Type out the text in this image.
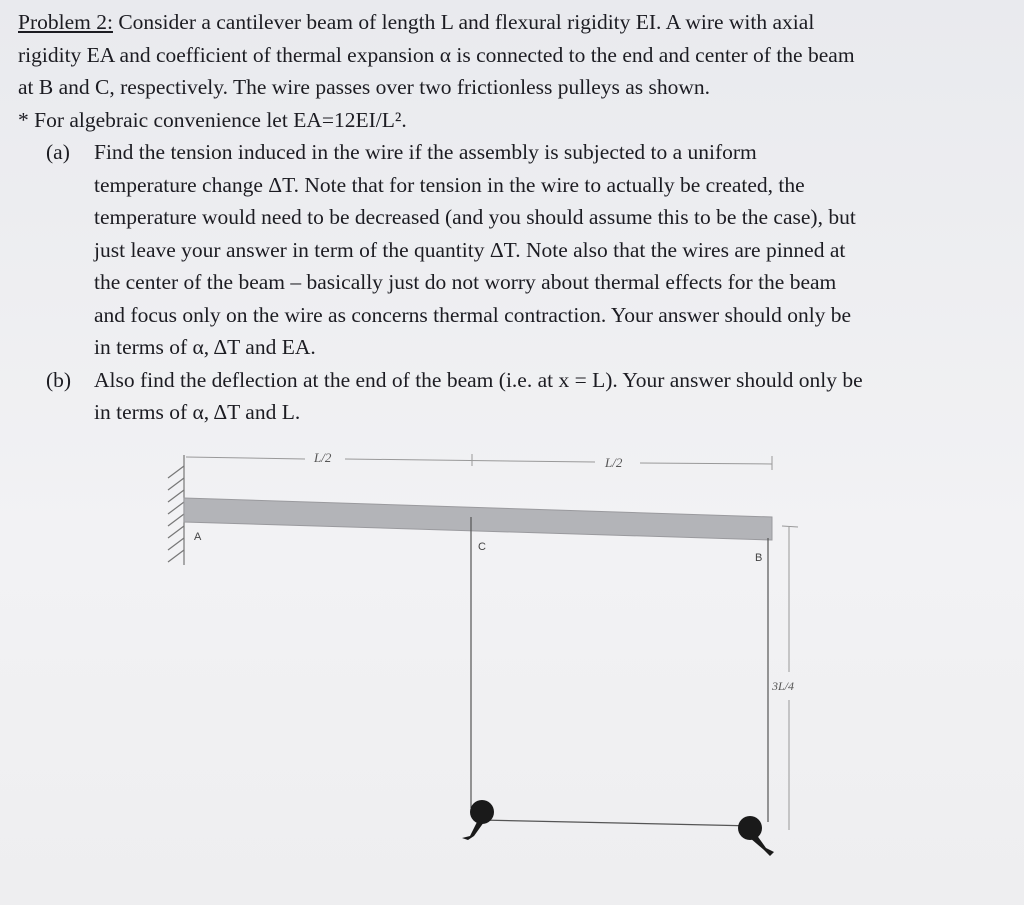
Problem 2: Consider a cantilever beam of length L and flexural rigidity EI. A wire with axial
rigidity EA and coefficient of thermal expansion α is connected to the end and center of the beam
at B and C, respectively. The wire passes over two frictionless pulleys as shown.
* For algebraic convenience let EA=12EI/L².
(a)	Find the tension induced in the wire if the assembly is subjected to a uniform
temperature change ΔT. Note that for tension in the wire to actually be created, the
temperature would need to be decreased (and you should assume this to be the case), but
just leave your answer in term of the quantity ΔT. Note also that the wires are pinned at
the center of the beam – basically just do not worry about thermal effects for the beam
and focus only on the wire as concerns thermal contraction. Your answer should only be
in terms of α, ΔT and EA.
(b)	Also find the deflection at the end of the beam (i.e. at x = L). Your answer should only be
in terms of α, ΔT and L.
L/2	L/2
A
C
B
3L/4
